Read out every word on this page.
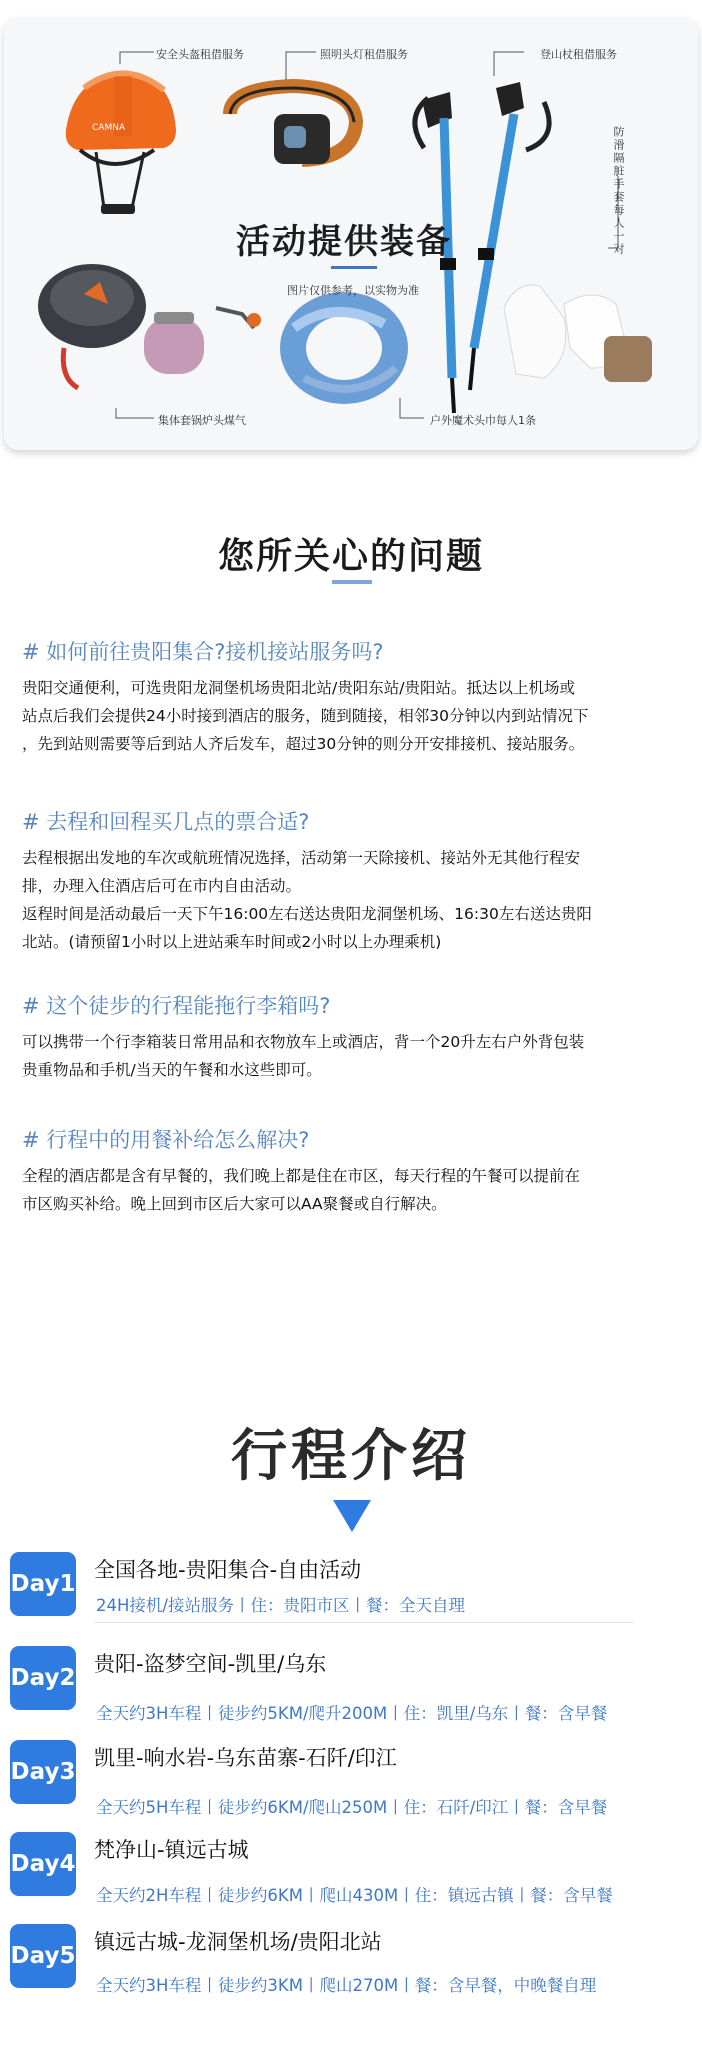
CAMNA
安全头盔租借服务	照明头灯租借服务	登山杖租借服务
防滑隔脏手套每人一对
集体套锅炉头煤气	户外魔术头巾每人1条
活动提供装备
图片仅供参考，以实物为准
您所关心的问题
# 如何前往贵阳集合?接机接站服务吗?

贵阳交通便利，可选贵阳龙洞堡机场贵阳北站/贵阳东站/贵阳站。抵达以上机场或

站点后我们会提供24小时接到酒店的服务，随到随接，相邻30分钟以内到站情况下

，先到站则需要等后到站人齐后发车，超过30分钟的则分开安排接机、接站服务。

# 去程和回程买几点的票合适?

去程根据出发地的车次或航班情况选择，活动第一天除接机、接站外无其他行程安

排，办理入住酒店后可在市内自由活动。

返程时间是活动最后一天下午16:00左右送达贵阳龙洞堡机场、16:30左右送达贵阳

北站。(请预留1小时以上进站乘车时间或2小时以上办理乘机)

# 这个徒步的行程能拖行李箱吗?

可以携带一个行李箱装日常用品和衣物放车上或酒店，背一个20升左右户外背包装

贵重物品和手机/当天的午餐和水这些即可。

# 行程中的用餐补给怎么解决?

全程的酒店都是含有早餐的，我们晚上都是住在市区，每天行程的午餐可以提前在

市区购买补给。晚上回到市区后大家可以AA聚餐或自行解决。

行程介绍
Day1
全国各地-贵阳集合-自由活动
24H接机/接站服务丨住：贵阳市区丨餐：全天自理
Day2
贵阳-盗梦空间-凯里/乌东
全天约3H车程丨徒步约5KM/爬升200M丨住：凯里/乌东丨餐：含早餐
Day3
凯里-响水岩-乌东苗寨-石阡/印江
全天约5H车程丨徒步约6KM/爬山250M丨住：石阡/印江丨餐：含早餐
Day4
梵净山-镇远古城
全天约2H车程丨徒步约6KM丨爬山430M丨住：镇远古镇丨餐：含早餐
Day5
镇远古城-龙洞堡机场/贵阳北站
全天约3H车程丨徒步约3KM丨爬山270M丨餐：含早餐，中晚餐自理
